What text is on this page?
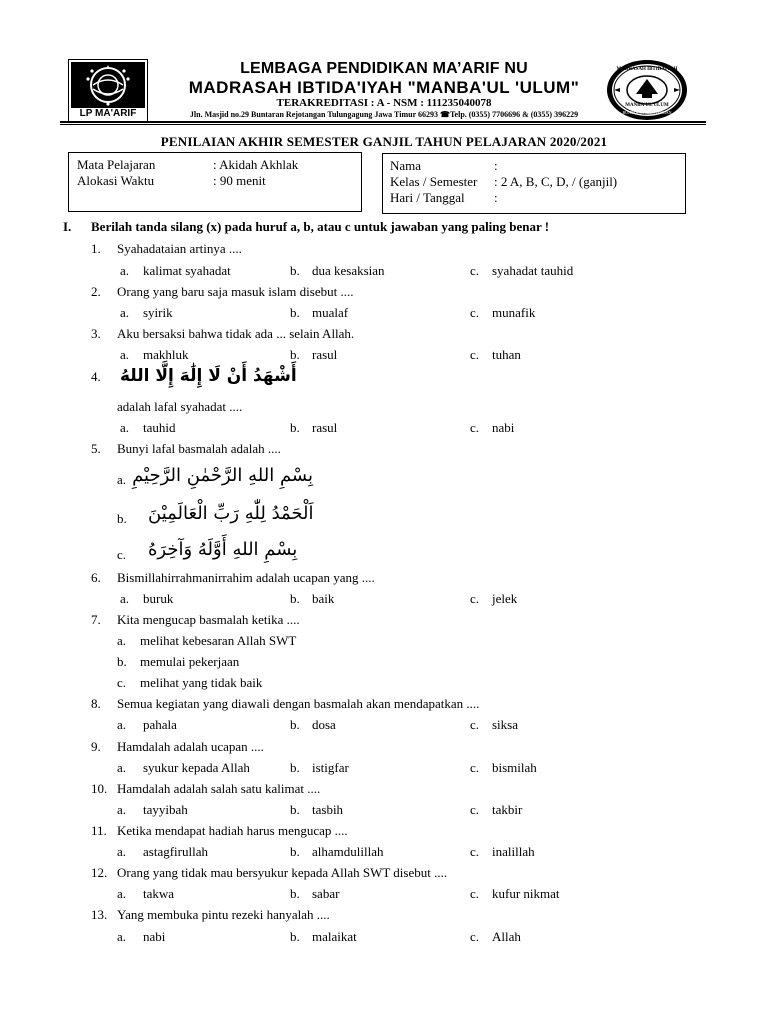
LP MA'ARIF
MADRASAH IBTIDAIYAH
MANBA'UL ULUM
BUNTARAN REJOTANGAN
LEMBAGA PENDIDIKAN MA’ARIF NU
MADRASAH IBTIDA'IYAH "MANBA'UL 'ULUM"
TERAKREDITASI : A - NSM : 111235040078
Jln. Masjid no.29 Buntaran Rejotangan Tulungagung Jawa Timur 66293 ☎Telp. (0355) 7706696 & (0355) 396229
PENILAIAN AKHIR SEMESTER GANJIL TAHUN PELAJARAN 2020/2021
Mata Pelajaran	: Akidah Akhlak
Alokasi Waktu	: 90 menit
Nama	:
Kelas / Semester : 2 A, B, C, D, / (ganjil)
Hari / Tanggal :
I. Berilah tanda silang (x) pada huruf a, b, atau c untuk jawaban yang paling benar !
1. Syahadataian artinya ....
a. kalimat syahadat	b. dua kesaksian	c. syahadat tauhid
2. Orang yang baru saja masuk islam disebut ....
a. syirik	b. mualaf	c. munafik
3. Aku bersaksi bahwa tidak ada ... selain Allah.
a. makhluk	b. rasul	c. tuhan
4. أَشْهَدُ أَنْ لَا إِلَٰهَ إِلَّا اللهُ
adalah lafal syahadat ....
a. tauhid	b. rasul	c. nabi
5. Bunyi lafal basmalah adalah ....
a. بِسْمِ اللهِ الرَّحْمٰنِ الرَّحِيْمِ
b. اَلْحَمْدُ لِلّٰهِ رَبِّ الْعَالَمِيْنَ
c. بِسْمِ اللهِ أَوَّلَهُ وَآخِرَهُ
6. Bismillahirrahmanirrahim adalah ucapan yang ....
a. buruk	b. baik	c. jelek
7. Kita mengucap basmalah ketika ....
a. melihat kebesaran Allah SWT
b. memulai pekerjaan
c. melihat yang tidak baik
8. Semua kegiatan yang diawali dengan basmalah akan mendapatkan ....
a. pahala	b. dosa	c. siksa
9. Hamdalah adalah ucapan ....
a. syukur kepada Allah	b. istigfar	c. bismilah
10. Hamdalah adalah salah satu kalimat ....
a. tayyibah	b. tasbih	c. takbir
11. Ketika mendapat hadiah harus mengucap ....
a. astagfirullah	b. alhamdulillah	c. inalillah
12. Orang yang tidak mau bersyukur kepada Allah SWT disebut ....
a. takwa	b. sabar	c. kufur nikmat
13. Yang membuka pintu rezeki hanyalah ....
a. nabi	b. malaikat	c. Allah
